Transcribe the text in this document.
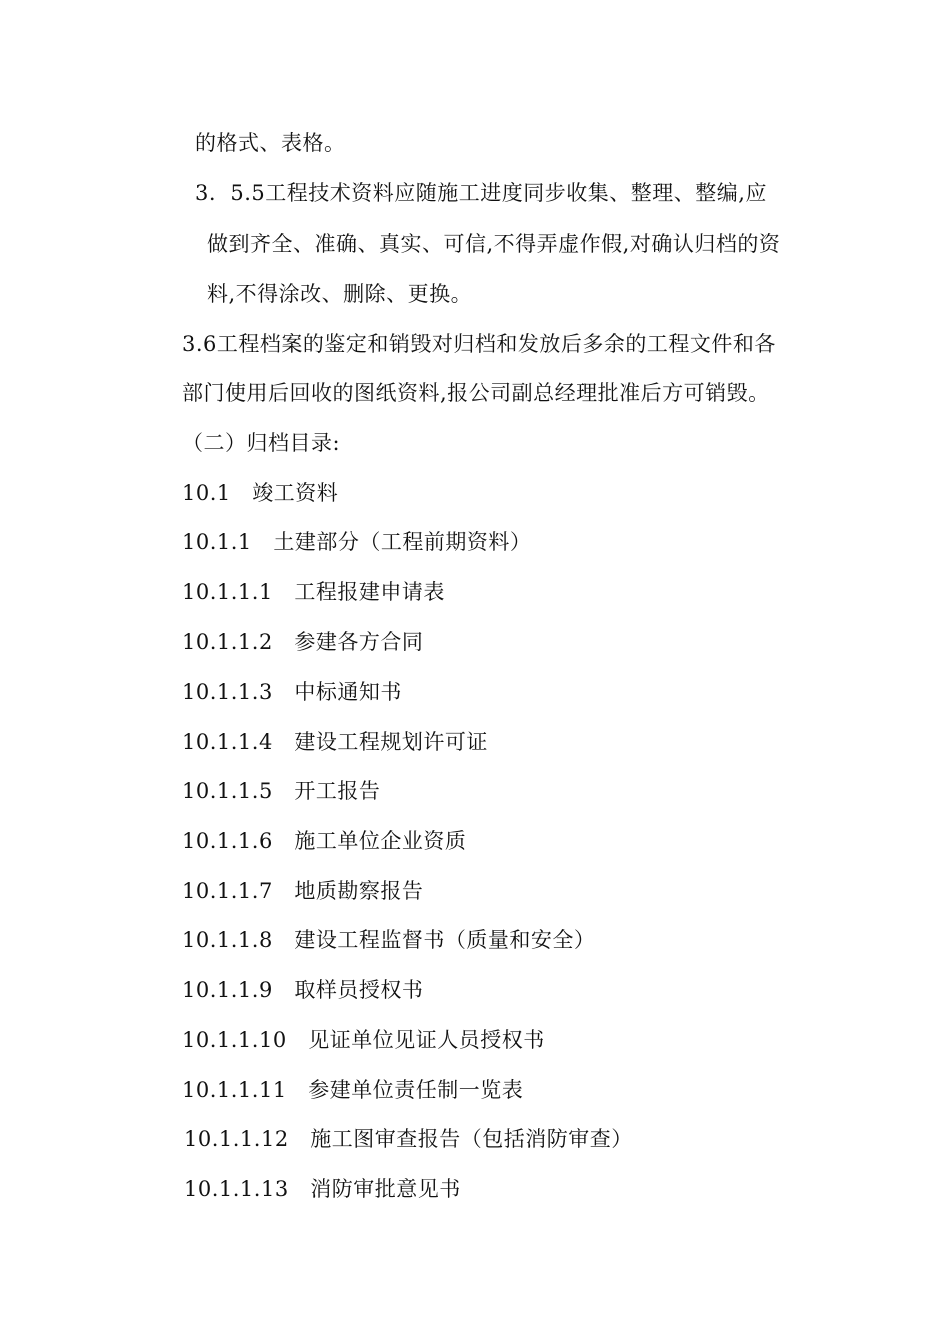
的格式、表格。
3.  5.5工程技术资料应随施工进度同步收集、整理、整编,应
做到齐全、准确、真实、可信,不得弄虚作假,对确认归档的资
料,不得涂改、删除、更换。
3.6工程档案的鉴定和销毁对归档和发放后多余的工程文件和各
部门使用后回收的图纸资料,报公司副总经理批准后方可销毁。
（二）归档目录:
10.1   竣工资料
10.1.1   土建部分（工程前期资料）
10.1.1.1   工程报建申请表
10.1.1.2   参建各方合同
10.1.1.3   中标通知书
10.1.1.4   建设工程规划许可证
10.1.1.5   开工报告
10.1.1.6   施工单位企业资质
10.1.1.7   地质勘察报告
10.1.1.8   建设工程监督书（质量和安全）
10.1.1.9   取样员授权书
10.1.1.10   见证单位见证人员授权书
10.1.1.11   参建单位责任制一览表
10.1.1.12   施工图审查报告（包括消防审查）
10.1.1.13   消防审批意见书
